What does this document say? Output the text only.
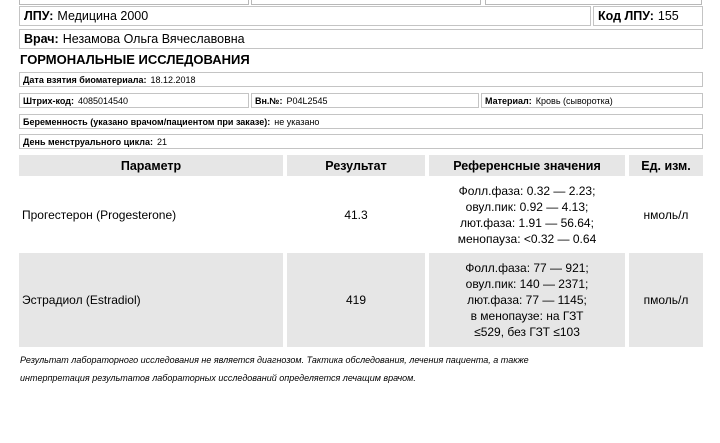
ЛПУ: Медицина 2000	Код ЛПУ: 155
Врач: Незамова Ольга Вячеславовна
ГОРМОНАЛЬНЫЕ ИССЛЕДОВАНИЯ
Дата взятия биоматериала: 18.12.2018
Штрих-код: 4085014540	Вн.№: P04L2545	Материал: Кровь (сыворотка)
Беременность (указано врачом/пациентом при заказе): не указано
День менструального цикла: 21
Параметр	Результат	Референсные значения	Ед. изм.
Прогестерон (Progesterone)	41.3	Фолл.фаза: 0.32 — 2.23;
овул.пик: 0.92 — 4.13;
лют.фаза: 1.91 — 56.64;
менопауза: <0.32 — 0.64	нмоль/л
Эстрадиол (Estradiol)	419	Фолл.фаза: 77 — 921;
овул.пик: 140 — 2371;
лют.фаза: 77 — 1145;
в менопаузе: на ГЗТ
≤529, без ГЗТ ≤103	пмоль/л
Результат лабораторного исследования не является диагнозом. Тактика обследования, лечения пациента, а также
интерпретация результатов лабораторных исследований определяется лечащим врачом.
